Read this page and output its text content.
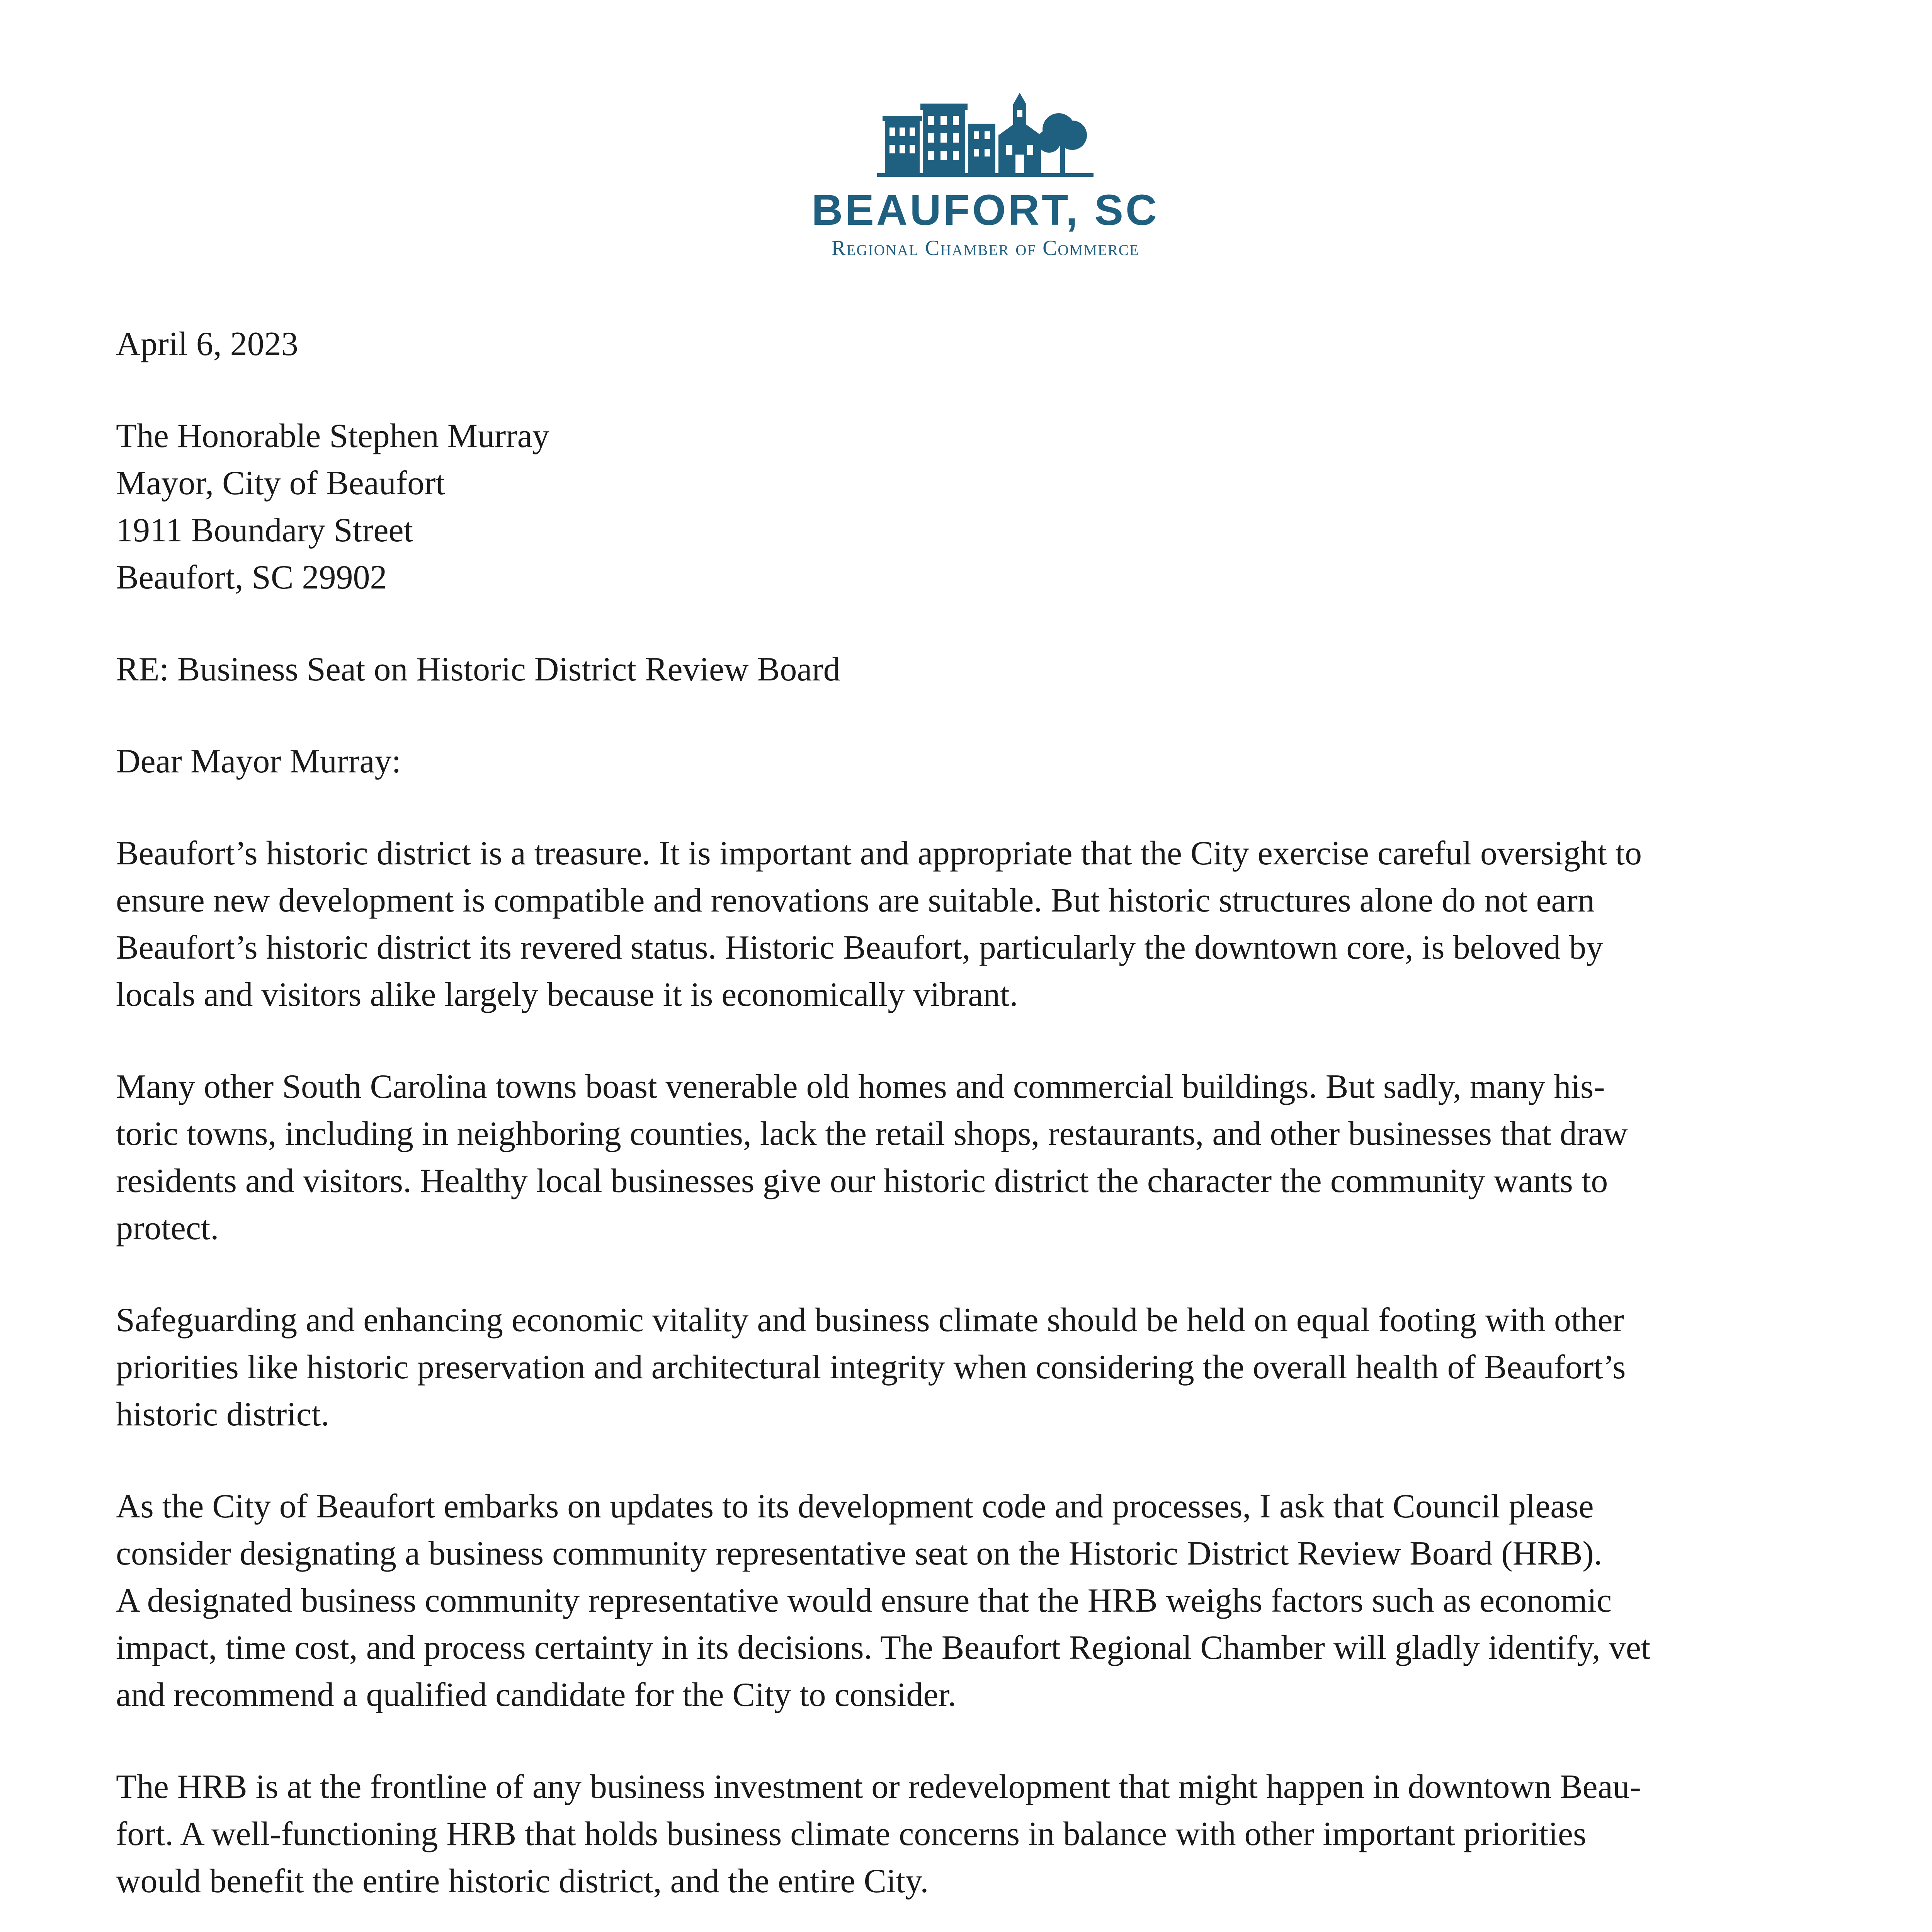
BEAUFORT, SC
Regional Chamber of Commerce

April 6, 2023

The Honorable Stephen Murray
Mayor, City of Beaufort
1911 Boundary Street
Beaufort, SC 29902

RE: Business Seat on Historic District Review Board

Dear Mayor Murray:

Beaufort’s historic district is a treasure. It is important and appropriate that the City exercise careful oversight to
ensure new development is compatible and renovations are suitable. But historic structures alone do not earn
Beaufort’s historic district its revered status. Historic Beaufort, particularly the downtown core, is beloved by
locals and visitors alike largely because it is economically vibrant.

Many other South Carolina towns boast venerable old homes and commercial buildings. But sadly, many his-
toric towns, including in neighboring counties, lack the retail shops, restaurants, and other businesses that draw
residents and visitors. Healthy local businesses give our historic district the character the community wants to
protect.

Safeguarding and enhancing economic vitality and business climate should be held on equal footing with other
priorities like historic preservation and architectural integrity when considering the overall health of Beaufort’s
historic district.

As the City of Beaufort embarks on updates to its development code and processes, I ask that Council please
consider designating a business community representative seat on the Historic District Review Board (HRB).
A designated business community representative would ensure that the HRB weighs factors such as economic
impact, time cost, and process certainty in its decisions. The Beaufort Regional Chamber will gladly identify, vet
and recommend a qualified candidate for the City to consider.

The HRB is at the frontline of any business investment or redevelopment that might happen in downtown Beau-
fort. A well-functioning HRB that holds business climate concerns in balance with other important priorities
would benefit the entire historic district, and the entire City.
